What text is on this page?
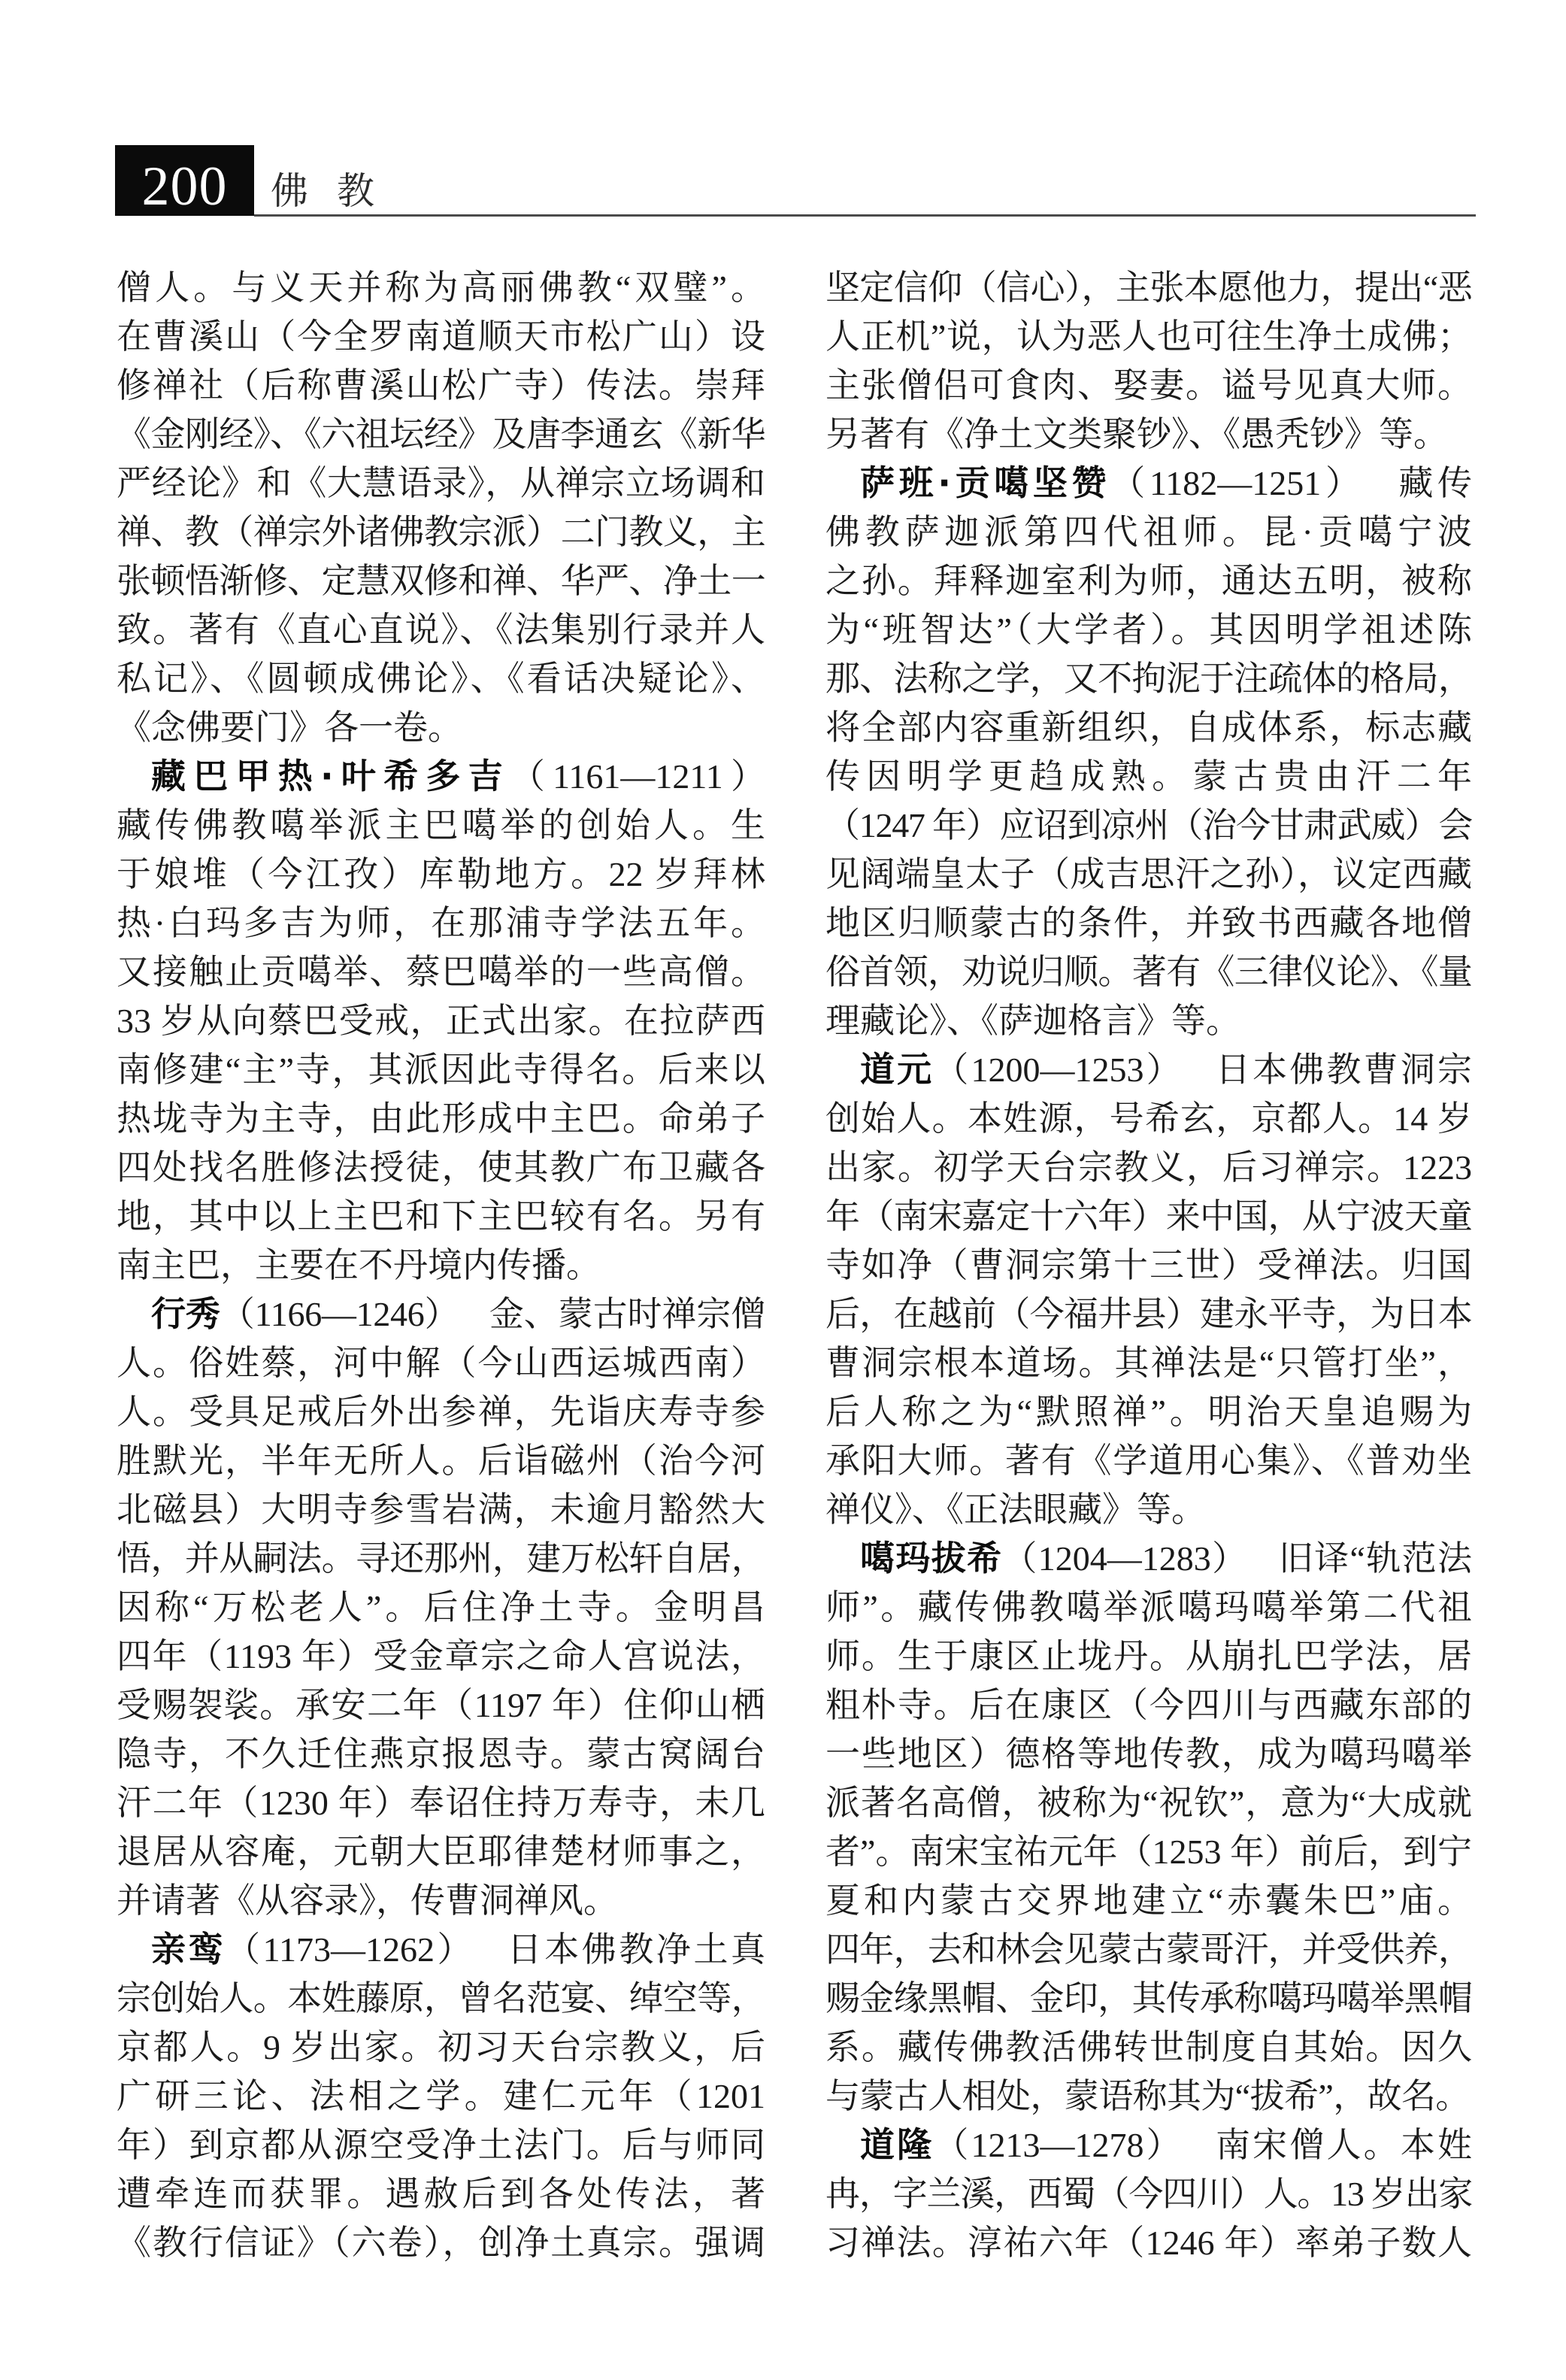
200	佛教
僧人。与义天并称为高丽佛教“双璧”。
在曹溪山（今全罗南道顺天市松广山）设
修禅社（后称曹溪山松广寺）传法。崇拜
《金刚经》、《六祖坛经》及唐李通玄《新华
严经论》和《大慧语录》，从禅宗立场调和
禅、教（禅宗外诸佛教宗派）二门教义，主
张顿悟渐修、定慧双修和禅、华严、净土一
致。著有《直心直说》、《法集别行录并人
私记》、《圆顿成佛论》、《看话决疑论》、
《念佛要门》各一卷。
藏巴甲热·叶希多吉（1161—1211）
藏传佛教噶举派主巴噶举的创始人。生
于娘堆（今江孜）库勒地方。22 岁拜林
热·白玛多吉为师，在那浦寺学法五年。
又接触止贡噶举、蔡巴噶举的一些高僧。
33 岁从向蔡巴受戒，正式出家。在拉萨西
南修建“主”寺，其派因此寺得名。后来以
热垅寺为主寺，由此形成中主巴。命弟子
四处找名胜修法授徒，使其教广布卫藏各
地，其中以上主巴和下主巴较有名。另有
南主巴，主要在不丹境内传播。
行秀（1166—1246） 金、蒙古时禅宗僧
人。俗姓蔡，河中解（今山西运城西南）
人。受具足戒后外出参禅，先诣庆寿寺参
胜默光，半年无所人。后诣磁州（治今河
北磁县）大明寺参雪岩满，未逾月豁然大
悟，并从嗣法。寻还那州，建万松轩自居，
因称“万松老人”。后住净土寺。金明昌
四年（1193 年）受金章宗之命人宫说法，
受赐袈裟。承安二年（1197 年）住仰山栖
隐寺，不久迁住燕京报恩寺。蒙古窝阔台
汗二年（1230 年）奉诏住持万寿寺，未几
退居从容庵，元朝大臣耶律楚材师事之，
并请著《从容录》，传曹洞禅风。
亲鸾（1173—1262） 日本佛教净土真
宗创始人。本姓藤原，曾名范宴、绰空等，
京都人。9 岁出家。初习天台宗教义，后
广研三论、法相之学。建仁元年（1201
年）到京都从源空受净土法门。后与师同
遭牵连而获罪。遇赦后到各处传法，著
《教行信证》（六卷），创净土真宗。强调
坚定信仰（信心），主张本愿他力，提出“恶
人正机”说，认为恶人也可往生净土成佛；
主张僧侣可食肉、娶妻。谥号见真大师。
另著有《净土文类聚钞》、《愚秃钞》等。
萨班·贡噶坚赞（1182—1251） 藏传
佛教萨迦派第四代祖师。昆·贡噶宁波
之孙。拜释迦室利为师，通达五明，被称
为“班智达”（大学者）。其因明学祖述陈
那、法称之学，又不拘泥于注疏体的格局，
将全部内容重新组织，自成体系，标志藏
传因明学更趋成熟。蒙古贵由汗二年
（1247 年）应诏到凉州（治今甘肃武威）会
见阔端皇太子（成吉思汗之孙），议定西藏
地区归顺蒙古的条件，并致书西藏各地僧
俗首领，劝说归顺。著有《三律仪论》、《量
理藏论》、《萨迦格言》等。
道元（1200—1253） 日本佛教曹洞宗
创始人。本姓源，号希玄，京都人。14 岁
出家。初学天台宗教义，后习禅宗。1223
年（南宋嘉定十六年）来中国，从宁波天童
寺如净（曹洞宗第十三世）受禅法。归国
后，在越前（今福井县）建永平寺，为日本
曹洞宗根本道场。其禅法是“只管打坐”，
后人称之为“默照禅”。明治天皇追赐为
承阳大师。著有《学道用心集》、《普劝坐
禅仪》、《正法眼藏》等。
噶玛拔希（1204—1283） 旧译“轨范法
师”。藏传佛教噶举派噶玛噶举第二代祖
师。生于康区止垅丹。从崩扎巴学法，居
粗朴寺。后在康区（今四川与西藏东部的
一些地区）德格等地传教，成为噶玛噶举
派著名高僧，被称为“祝钦”，意为“大成就
者”。南宋宝祐元年（1253 年）前后，到宁
夏和内蒙古交界地建立“赤囊朱巴”庙。
四年，去和林会见蒙古蒙哥汗，并受供养，
赐金缘黑帽、金印，其传承称噶玛噶举黑帽
系。藏传佛教活佛转世制度自其始。因久
与蒙古人相处，蒙语称其为“拔希”，故名。
道隆（1213—1278） 南宋僧人。本姓
冉，字兰溪，西蜀（今四川）人。13 岁出家
习禅法。淳祐六年（1246 年）率弟子数人
